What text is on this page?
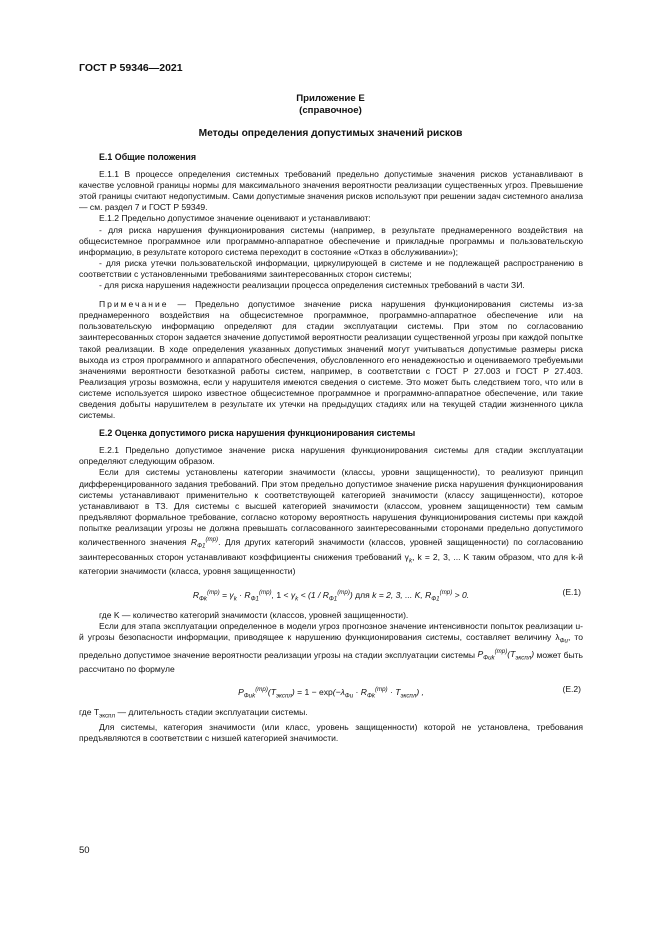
ГОСТ Р 59346—2021
Приложение Е
(справочное)
Методы определения допустимых значений рисков

Е.1 Общие положения

Е.1.1 В процессе определения системных требований предельно допустимые значения рисков устанавливают в качестве условной границы нормы для максимального значения вероятности реализации существенных угроз. Превышение этой границы считают недопустимым. Сами допустимые значения рисков используют при решении задач системного анализа — см. раздел 7 и ГОСТ Р 59349.

Е.1.2 Предельно допустимое значение оценивают и устанавливают:

- для риска нарушения функционирования системы (например, в результате преднамеренного воздействия на общесистемное программное или программно-аппаратное обеспечение и прикладные программы и пользовательскую информацию, в результате которого система переходит в состояние «Отказ в обслуживании»);

- для риска утечки пользовательской информации, циркулирующей в системе и не подлежащей распространению в соответствии с установленными требованиями заинтересованных сторон системы;

- для риска нарушения надежности реализации процесса определения системных требований в части ЗИ.

Примечание — Предельно допустимое значение риска нарушения функционирования системы из-за преднамеренного воздействия на общесистемное программное, программно-аппаратное обеспечение или на пользовательскую информацию определяют для стадии эксплуатации системы. При этом по согласованию заинтересованных сторон задается значение допустимой вероятности реализации существенной угрозы при каждой попытке такой реализации. В ходе определения указанных допустимых значений могут учитываться допустимые размеры риска выхода из строя программного и аппаратного обеспечения, обусловленного его ненадежностью и оцениваемого требуемыми значениями вероятности безотказной работы систем, например, в соответствии с ГОСТ Р 27.003 и ГОСТ Р 27.403. Реализация угрозы возможна, если у нарушителя имеются сведения о системе. Это может быть следствием того, что или в системе используется широко известное общесистемное программное и программно-аппаратное обеспечение, или такие сведения добыты нарушителем в результате их утечки на предыдущих стадиях или на текущей стадии жизненного цикла системы.

Е.2 Оценка допустимого риска нарушения функционирования системы

Е.2.1 Предельно допустимое значение риска нарушения функционирования системы для стадии эксплуатации определяют следующим образом.

Если для системы установлены категории значимости (классы, уровни защищенности), то реализуют принцип дифференцированного задания требований. При этом предельно допустимое значение риска нарушения функционирования системы устанавливают применительно к соответствующей категорией значимости (классу защищенности), которое устанавливают в ТЗ. Для системы с высшей категорией значимости (классом, уровнем защищенности) тем самым предъявляют формальное требование, согласно которому вероятность нарушения функционирования системы при каждой попытке реализации угрозы не должна превышать согласованного заинтересованными сторонами предельно допустимого количественного значения $R_{Ф1}^{(тр)}$. Для других категорий значимости (классов, уровней защищенности) по согласованию заинтересованных сторон устанавливают коэффициенты снижения требований $\gamma_k$, k = 2, 3, ... K таким образом, что для k-й категории значимости (класса, уровня защищенности)

$R_{Фk}^{(тр)} = \gamma_k \cdot R_{Ф1}^{(тр)}$, $1 < \gamma_k < (1 / R_{Ф1}^{(тр)})$ для k = 2, 3, ... K, $R_{Ф1}^{(тр)} > 0$.	(Е.1)

где K — количество категорий значимости (классов, уровней защищенности).

Если для этапа эксплуатации определенное в модели угроз прогнозное значение интенсивности попыток реализации u-й угрозы безопасности информации, приводящее к нарушению функционирования системы, составляет величину $\lambda_{Фu}$, то предельно допустимое значение вероятности реализации угрозы на стадии эксплуатации системы $P_{Фuk}^{(тр)}(T_{экспл})$ может быть рассчитано по формуле

$P_{Фuk}^{(тр)}(T_{экспл}) = 1 - \exp(-\lambda_{Фu} \cdot R_{Фk}^{(тр)} \cdot T_{экспл})$ ,	(Е.2)

где $T_{экспл}$ — длительность стадии эксплуатации системы.

Для системы, категория значимости (или класс, уровень защищенности) которой не установлена, требования предъявляются в соответствии с низшей категорией значимости.

50
